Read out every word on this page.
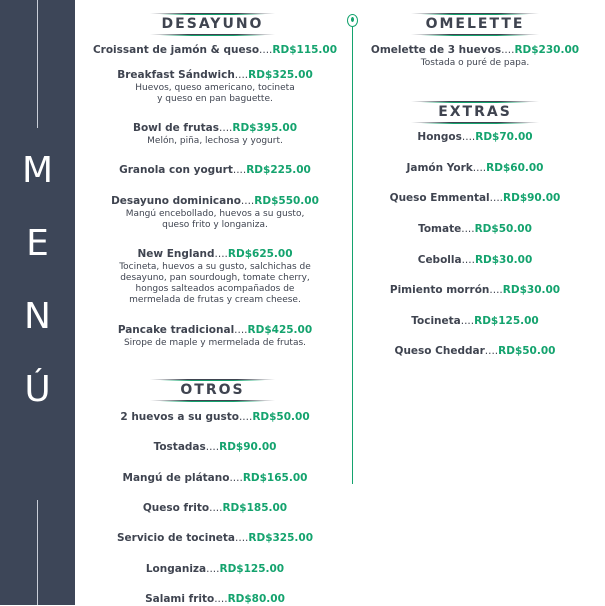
M
E
N
Ú
DESAYUNO
Croissant de jamón & queso....RD$115.00
Breakfast Sándwich....RD$325.00
Huevos, queso americano, tocineta
y queso en pan baguette.
Bowl de frutas....RD$395.00
Melón, piña, lechosa y yogurt.
Granola con yogurt....RD$225.00
Desayuno dominicano....RD$550.00
Mangú encebollado, huevos a su gusto,
queso frito y longaniza.
New England....RD$625.00
Tocineta, huevos a su gusto, salchichas de
desayuno, pan sourdough, tomate cherry,
hongos salteados acompañados de
mermelada de frutas y cream cheese.
Pancake tradicional....RD$425.00
Sirope de maple y mermelada de frutas.
OTROS
2 huevos a su gusto....RD$50.00
Tostadas....RD$90.00
Mangú de plátano....RD$165.00
Queso frito....RD$185.00
Servicio de tocineta....RD$325.00
Longaniza....RD$125.00
Salami frito....RD$80.00
OMELETTE
Omelette de 3 huevos....RD$230.00
Tostada o puré de papa.
EXTRAS
Hongos....RD$70.00
Jamón York....RD$60.00
Queso Emmental....RD$90.00
Tomate....RD$50.00
Cebolla....RD$30.00
Pimiento morrón....RD$30.00
Tocineta....RD$125.00
Queso Cheddar....RD$50.00
